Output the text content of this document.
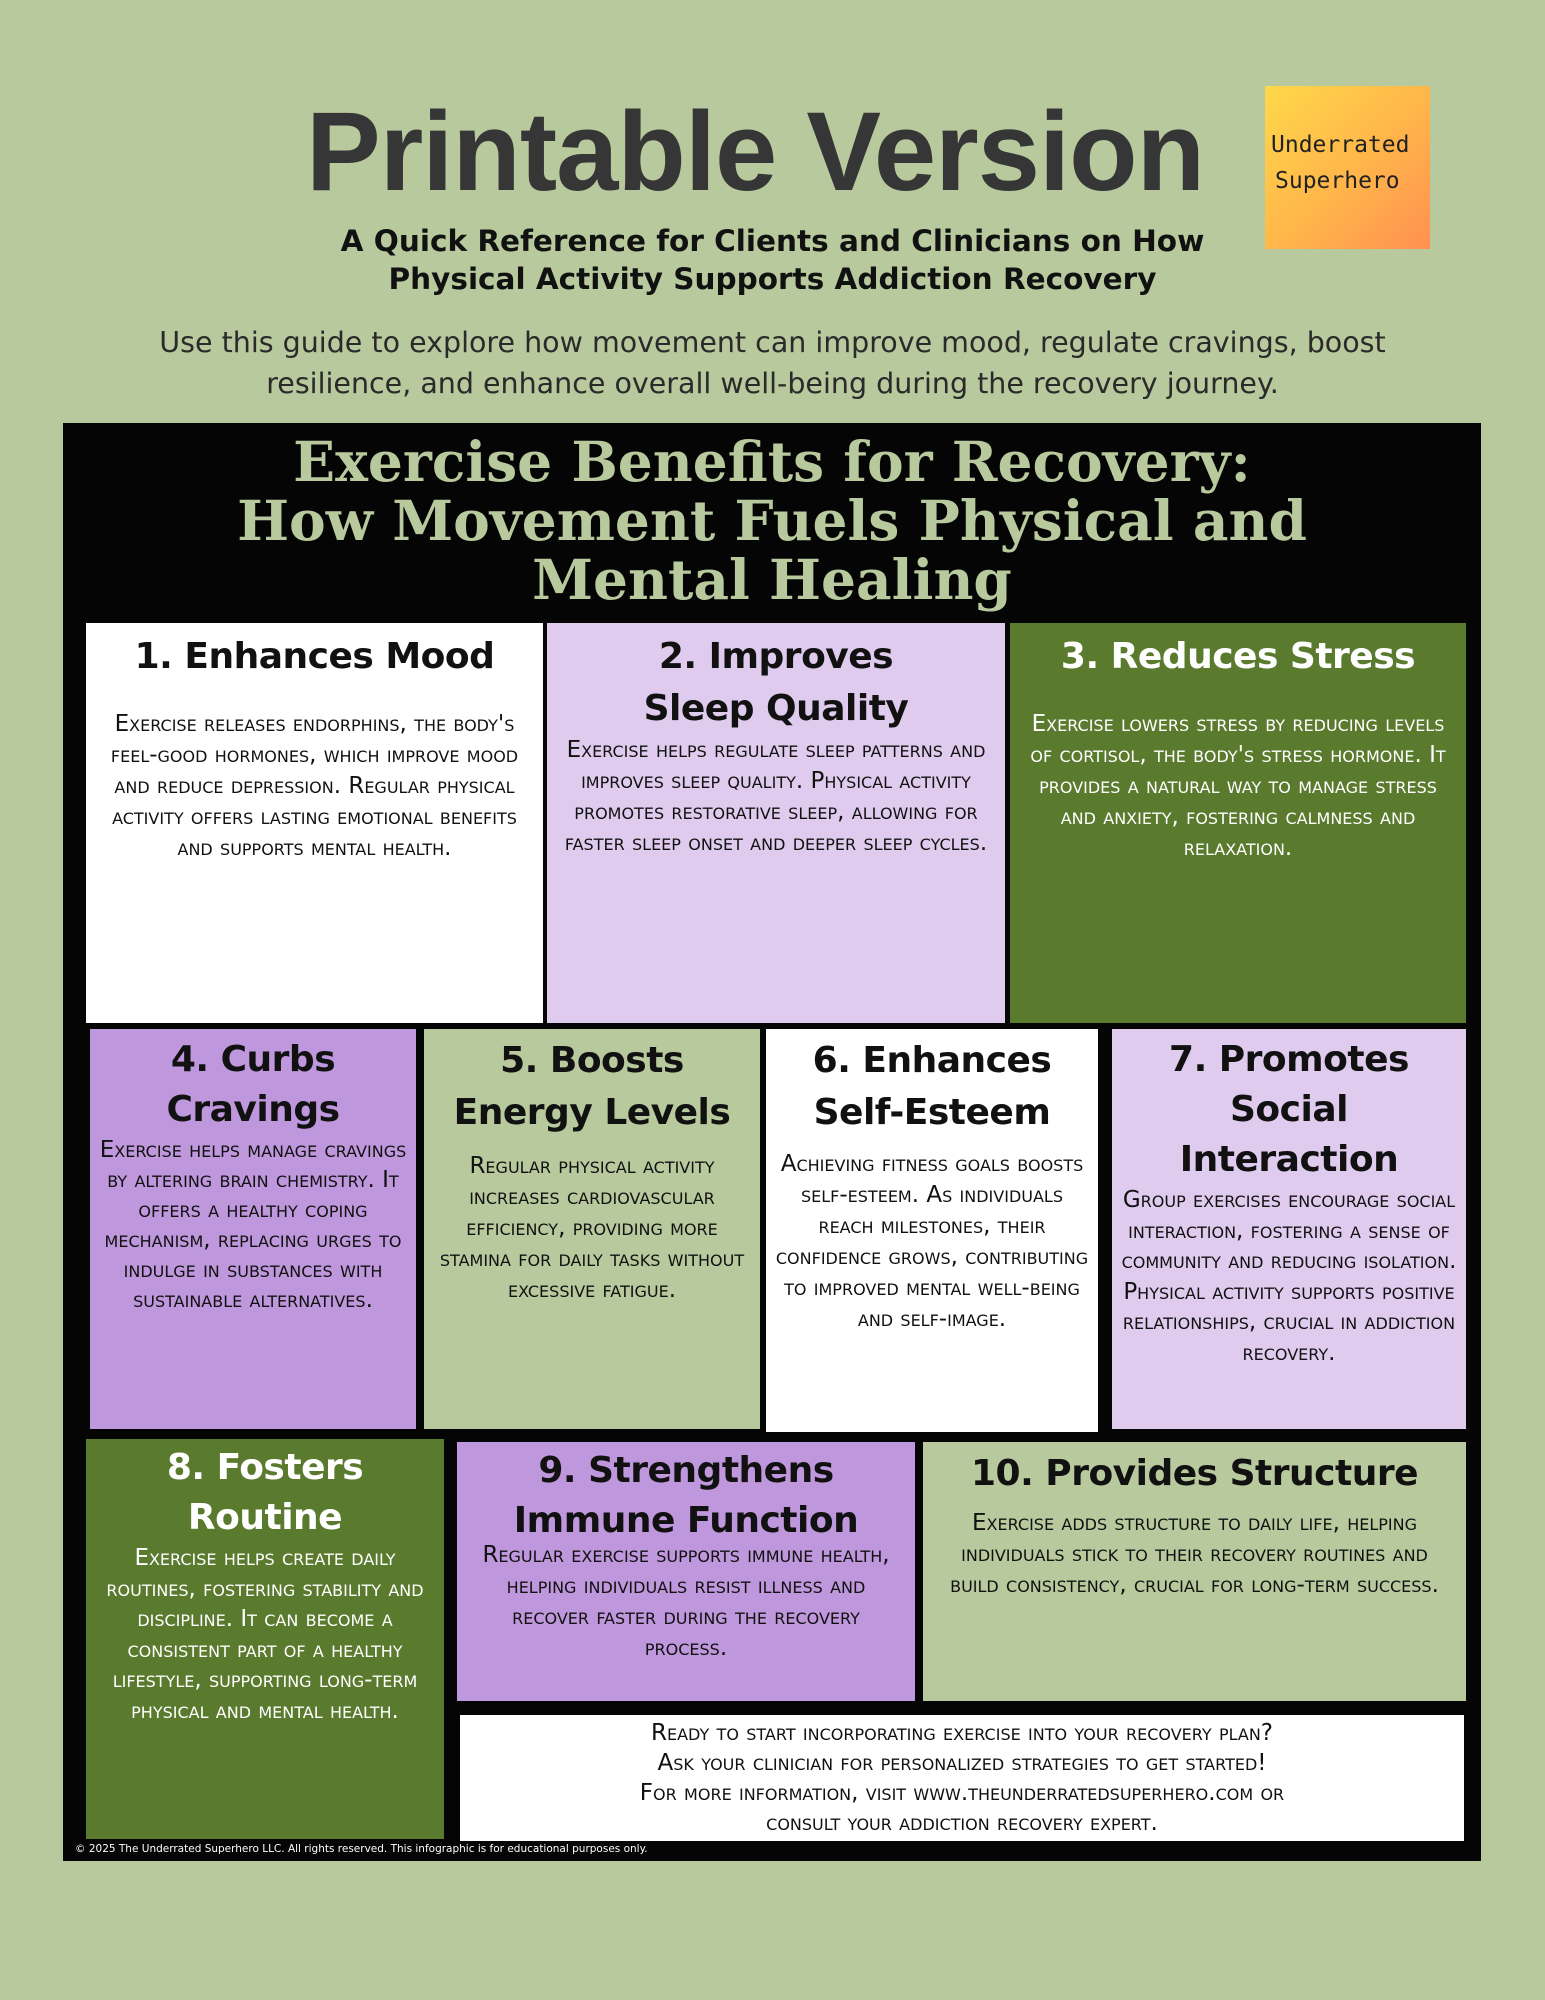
Printable Version	Underrated
Superhero
A Quick Reference for Clients and Clinicians on How
Physical Activity Supports Addiction Recovery
Use this guide to explore how movement can improve mood, regulate cravings, boost
resilience, and enhance overall well-being during the recovery journey.
Exercise Benefits for Recovery:
How Movement Fuels Physical and
Mental Healing
1. Enhances Mood

Exercise releases endorphins, the body's feel-good hormones, which improve mood and reduce depression. Regular physical activity offers lasting emotional benefits and supports mental health.

2. Improves Sleep Quality

Exercise helps regulate sleep patterns and improves sleep quality. Physical activity promotes restorative sleep, allowing for faster sleep onset and deeper sleep cycles.

3. Reduces Stress

Exercise lowers stress by reducing levels of cortisol, the body's stress hormone. It provides a natural way to manage stress and anxiety, fostering calmness and relaxation.

4. Curbs Cravings

Exercise helps manage cravings by altering brain chemistry. It offers a healthy coping mechanism, replacing urges to indulge in substances with sustainable alternatives.

5. Boosts Energy Levels

Regular physical activity increases cardiovascular efficiency, providing more stamina for daily tasks without excessive fatigue.

6. Enhances Self-Esteem

Achieving fitness goals boosts self-esteem. As individuals reach milestones, their confidence grows, contributing to improved mental well-being and self-image.

7. Promotes Social Interaction

Group exercises encourage social interaction, fostering a sense of community and reducing isolation. Physical activity supports positive relationships, crucial in addiction recovery.

8. Fosters Routine

Exercise helps create daily routines, fostering stability and discipline. It can become a consistent part of a healthy lifestyle, supporting long-term physical and mental health.

9. Strengthens Immune Function

Regular exercise supports immune health, helping individuals resist illness and recover faster during the recovery process.

10. Provides Structure

Exercise adds structure to daily life, helping individuals stick to their recovery routines and build consistency, crucial for long-term success.

Ready to start incorporating exercise into your recovery plan?
Ask your clinician for personalized strategies to get started!
For more information, visit www.theunderratedsuperhero.com or
consult your addiction recovery expert.
© 2025 The Underrated Superhero LLC. All rights reserved. This infographic is for educational purposes only.
